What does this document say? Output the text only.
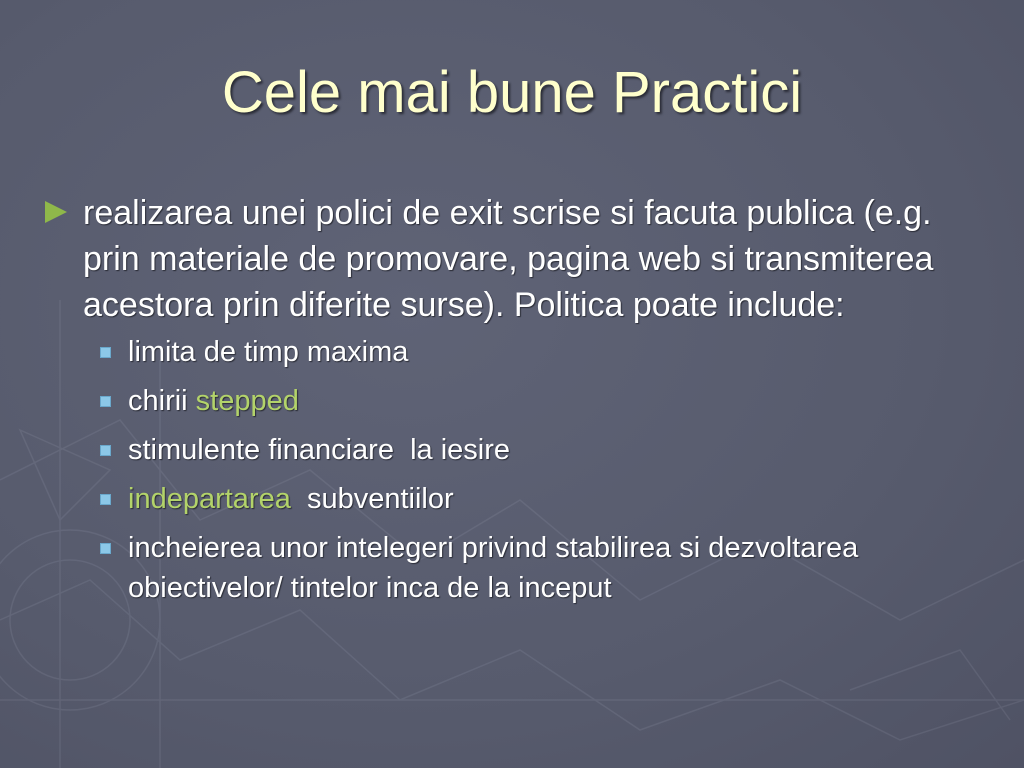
Cele mai bune Practici
realizarea unei polici de exit scrise si facuta publica (e.g. prin materiale de promovare, pagina web si transmiterea acestora prin diferite surse). Politica poate include:
limita de timp maxima
chirii stepped
stimulente financiare  la iesire
indepartarea  subventiilor
incheierea unor intelegeri privind stabilirea si dezvoltarea obiectivelor/ tintelor inca de la inceput
